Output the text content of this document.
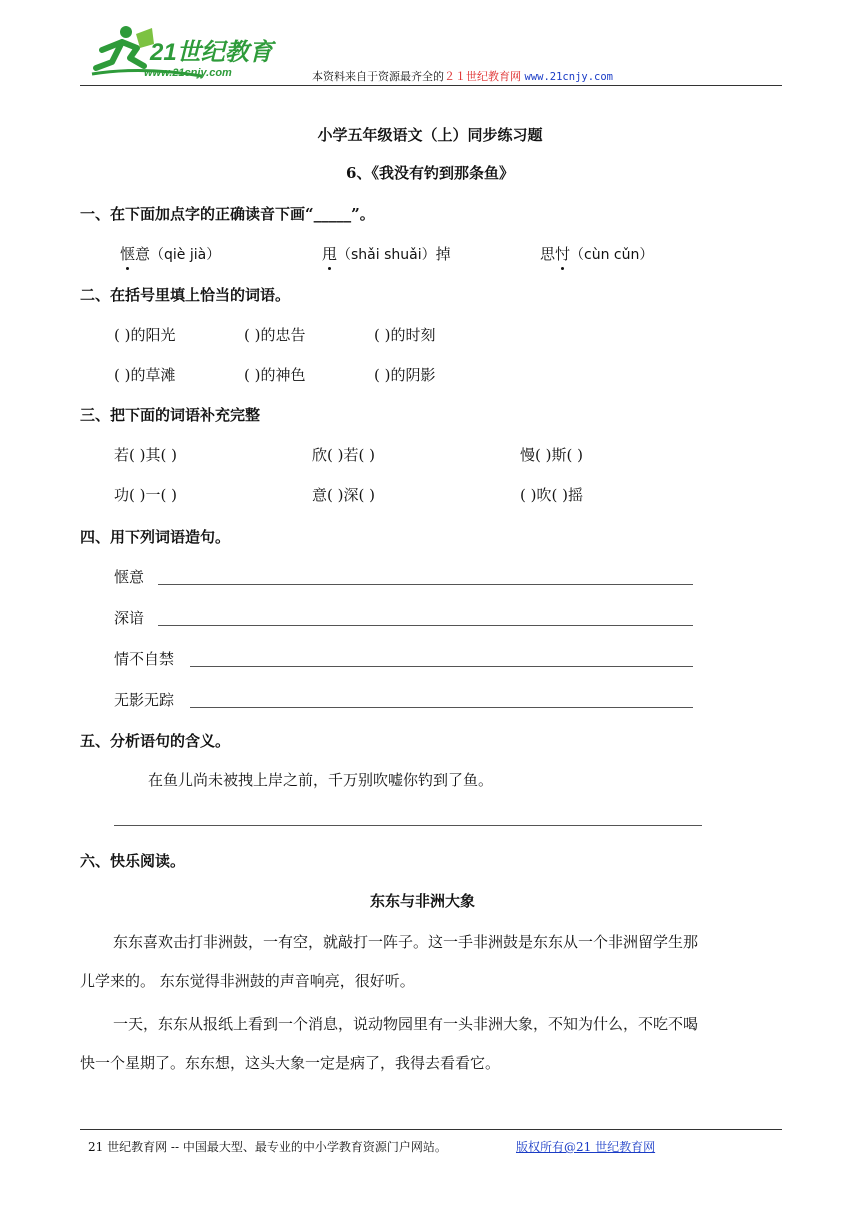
21世纪教育
www.21cnjy.com	本资料来自于资源最齐全的２１世纪教育网 www.21cnjy.com
小学五年级语文（上）同步练习题
6、《我没有钓到那条鱼》
一、在下面加点字的正确读音下画“_____”。
惬意（qiè jià）	甩（shǎi shuǎi）掉	思忖（cùn cǔn）
二、在括号里填上恰当的词语。
( )的阳光	( )的忠告	( )的时刻
( )的草滩	( )的神色	( )的阴影
三、把下面的词语补充完整
若( )其( )	欣( )若( )	慢( )斯( )
功( )一( )	意( )深( )	( )吹( )摇
四、用下列词语造句。
惬意
深谙
情不自禁
无影无踪
五、分析语句的含义。
在鱼儿尚未被拽上岸之前，千万别吹嘘你钓到了鱼。
六、快乐阅读。
东东与非洲大象
东东喜欢击打非洲鼓，一有空，就敲打一阵子。这一手非洲鼓是东东从一个非洲留学生那
儿学来的。 东东觉得非洲鼓的声音响亮，很好听。
一天，东东从报纸上看到一个消息，说动物园里有一头非洲大象，不知为什么，不吃不喝
快一个星期了。东东想，这头大象一定是病了，我得去看看它。
21 世纪教育网 -- 中国最大型、最专业的中小学教育资源门户网站。	版权所有@21 世纪教育网
